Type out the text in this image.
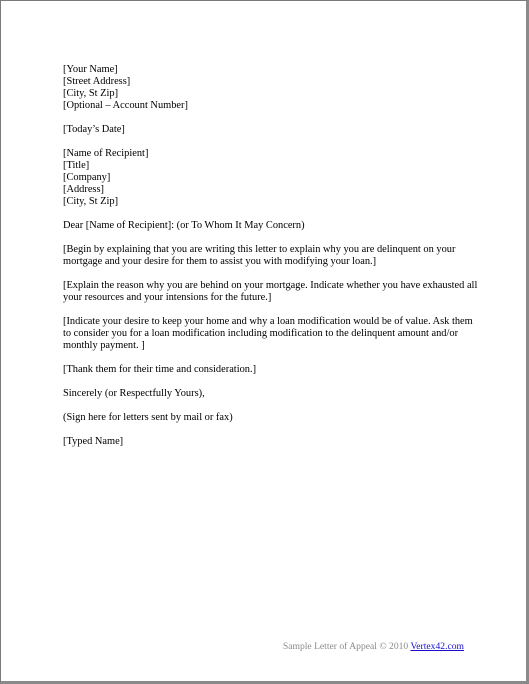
[Your Name]

[Street Address]

[City, St Zip]

[Optional – Account Number]

[Today’s Date]

[Name of Recipient]

[Title]

[Company]

[Address]

[City, St Zip]

Dear [Name of Recipient]: (or To Whom It May Concern)

[Begin by explaining that you are writing this letter to explain why you are delinquent on your mortgage and your desire for them to assist you with modifying your loan.]

[Explain the reason why you are behind on your mortgage. Indicate whether you have exhausted all your resources and your intensions for the future.]

[Indicate your desire to keep your home and why a loan modification would be of value. Ask them to consider you for a loan modification including modification to the delinquent amount and/or monthly payment. ]

[Thank them for their time and consideration.]

Sincerely (or Respectfully Yours),

(Sign here for letters sent by mail or fax)

[Typed Name]

Sample Letter of Appeal © 2010 Vertex42.com
